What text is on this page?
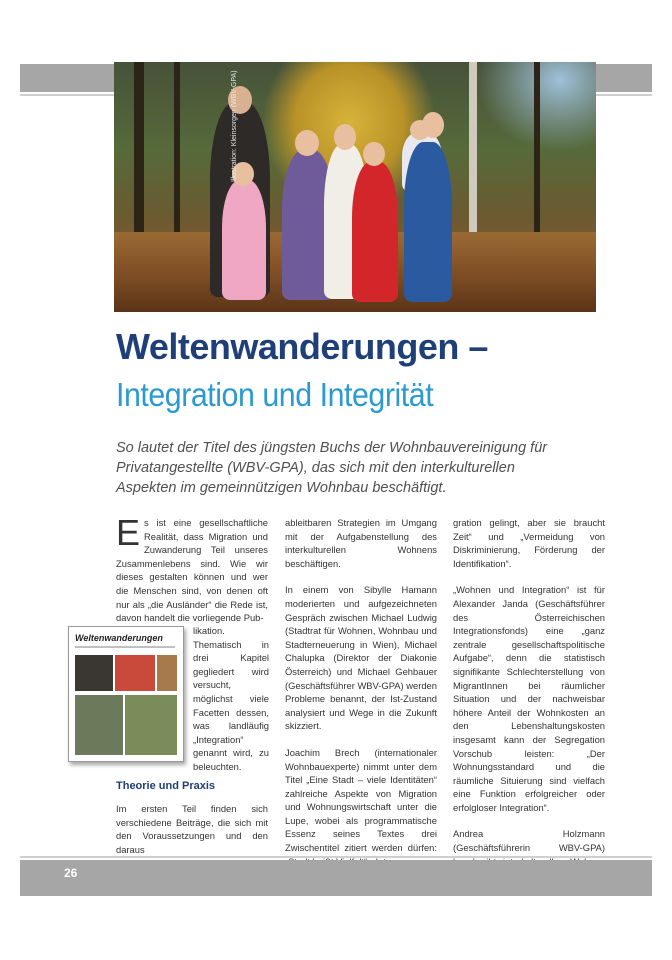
Illustration: Kleinsorgen (WBV-GPA)
Weltenwanderungen –
Integration und Integrität
So lautet der Titel des jüngsten Buchs der Wohnbauvereinigung für Privatangestellte (WBV-GPA), das sich mit den interkulturellen Aspekten im gemeinnützigen Wohnbau beschäftigt.

Es ist eine gesellschaftliche Realität, dass Migration und Zuwanderung Teil unseres Zusammenlebens sind. Wie wir dieses gestalten können und wer die Menschen sind, von denen oft nur als „die Ausländer“ die Rede ist, davon handelt die vorliegende Pub-

likation. Thematisch in drei Kapitel gegliedert wird versucht, möglichst viele Facetten dessen, was landläufig „Integration“ genannt wird, zu beleuchten.
Weltenwanderungen
Theorie und Praxis

Im ersten Teil finden sich verschiedene Beiträge, die sich mit den Voraussetzungen und den daraus

ableitbaren Strategien im Umgang mit der Aufgabenstellung des interkulturellen Wohnens beschäftigen.

In einem von Sibylle Hamann moderierten und aufgezeichneten Gespräch zwischen Michael Ludwig (Stadtrat für Wohnen, Wohnbau und Stadterneuerung in Wien), Michael Chalupka (Direktor der Diakonie Österreich) und Michael Gehbauer (Geschäftsführer WBV-GPA) werden Probleme benannt, der Ist-Zustand analysiert und Wege in die Zukunft skizziert.

Joachim Brech (internationaler Wohnbauexperte) nimmt unter dem Titel „Eine Stadt – viele Identitäten“ zahlreiche Aspekte von Migration und Wohnungswirtschaft unter die Lupe, wobei als programmatische Essenz seines Textes drei Zwischentitel zitiert werden dürfen:

gration gelingt, aber sie braucht Zeit“ und „Vermeidung von Diskriminierung, Förderung der Identifikation“.

„Wohnen und Integration“ ist für Alexander Janda (Geschäftsführer des Österreichischen Integrationsfonds) eine „ganz zentrale gesellschaftspolitische Aufgabe“, denn die statistisch signifikante Schlechterstellung von MigrantInnen bei räumlicher Situation und der nachweisbar höhere Anteil der Wohnkosten an den Lebenshaltungskosten insgesamt kann der Segregation Vorschub leisten: „Der Wohnungsstandard und die räumliche Situierung sind vielfach eine Funktion erfolgreicher oder erfolgloser Integration“.

Andrea Holzmann (Geschäftsführerin WBV-GPA)

26
